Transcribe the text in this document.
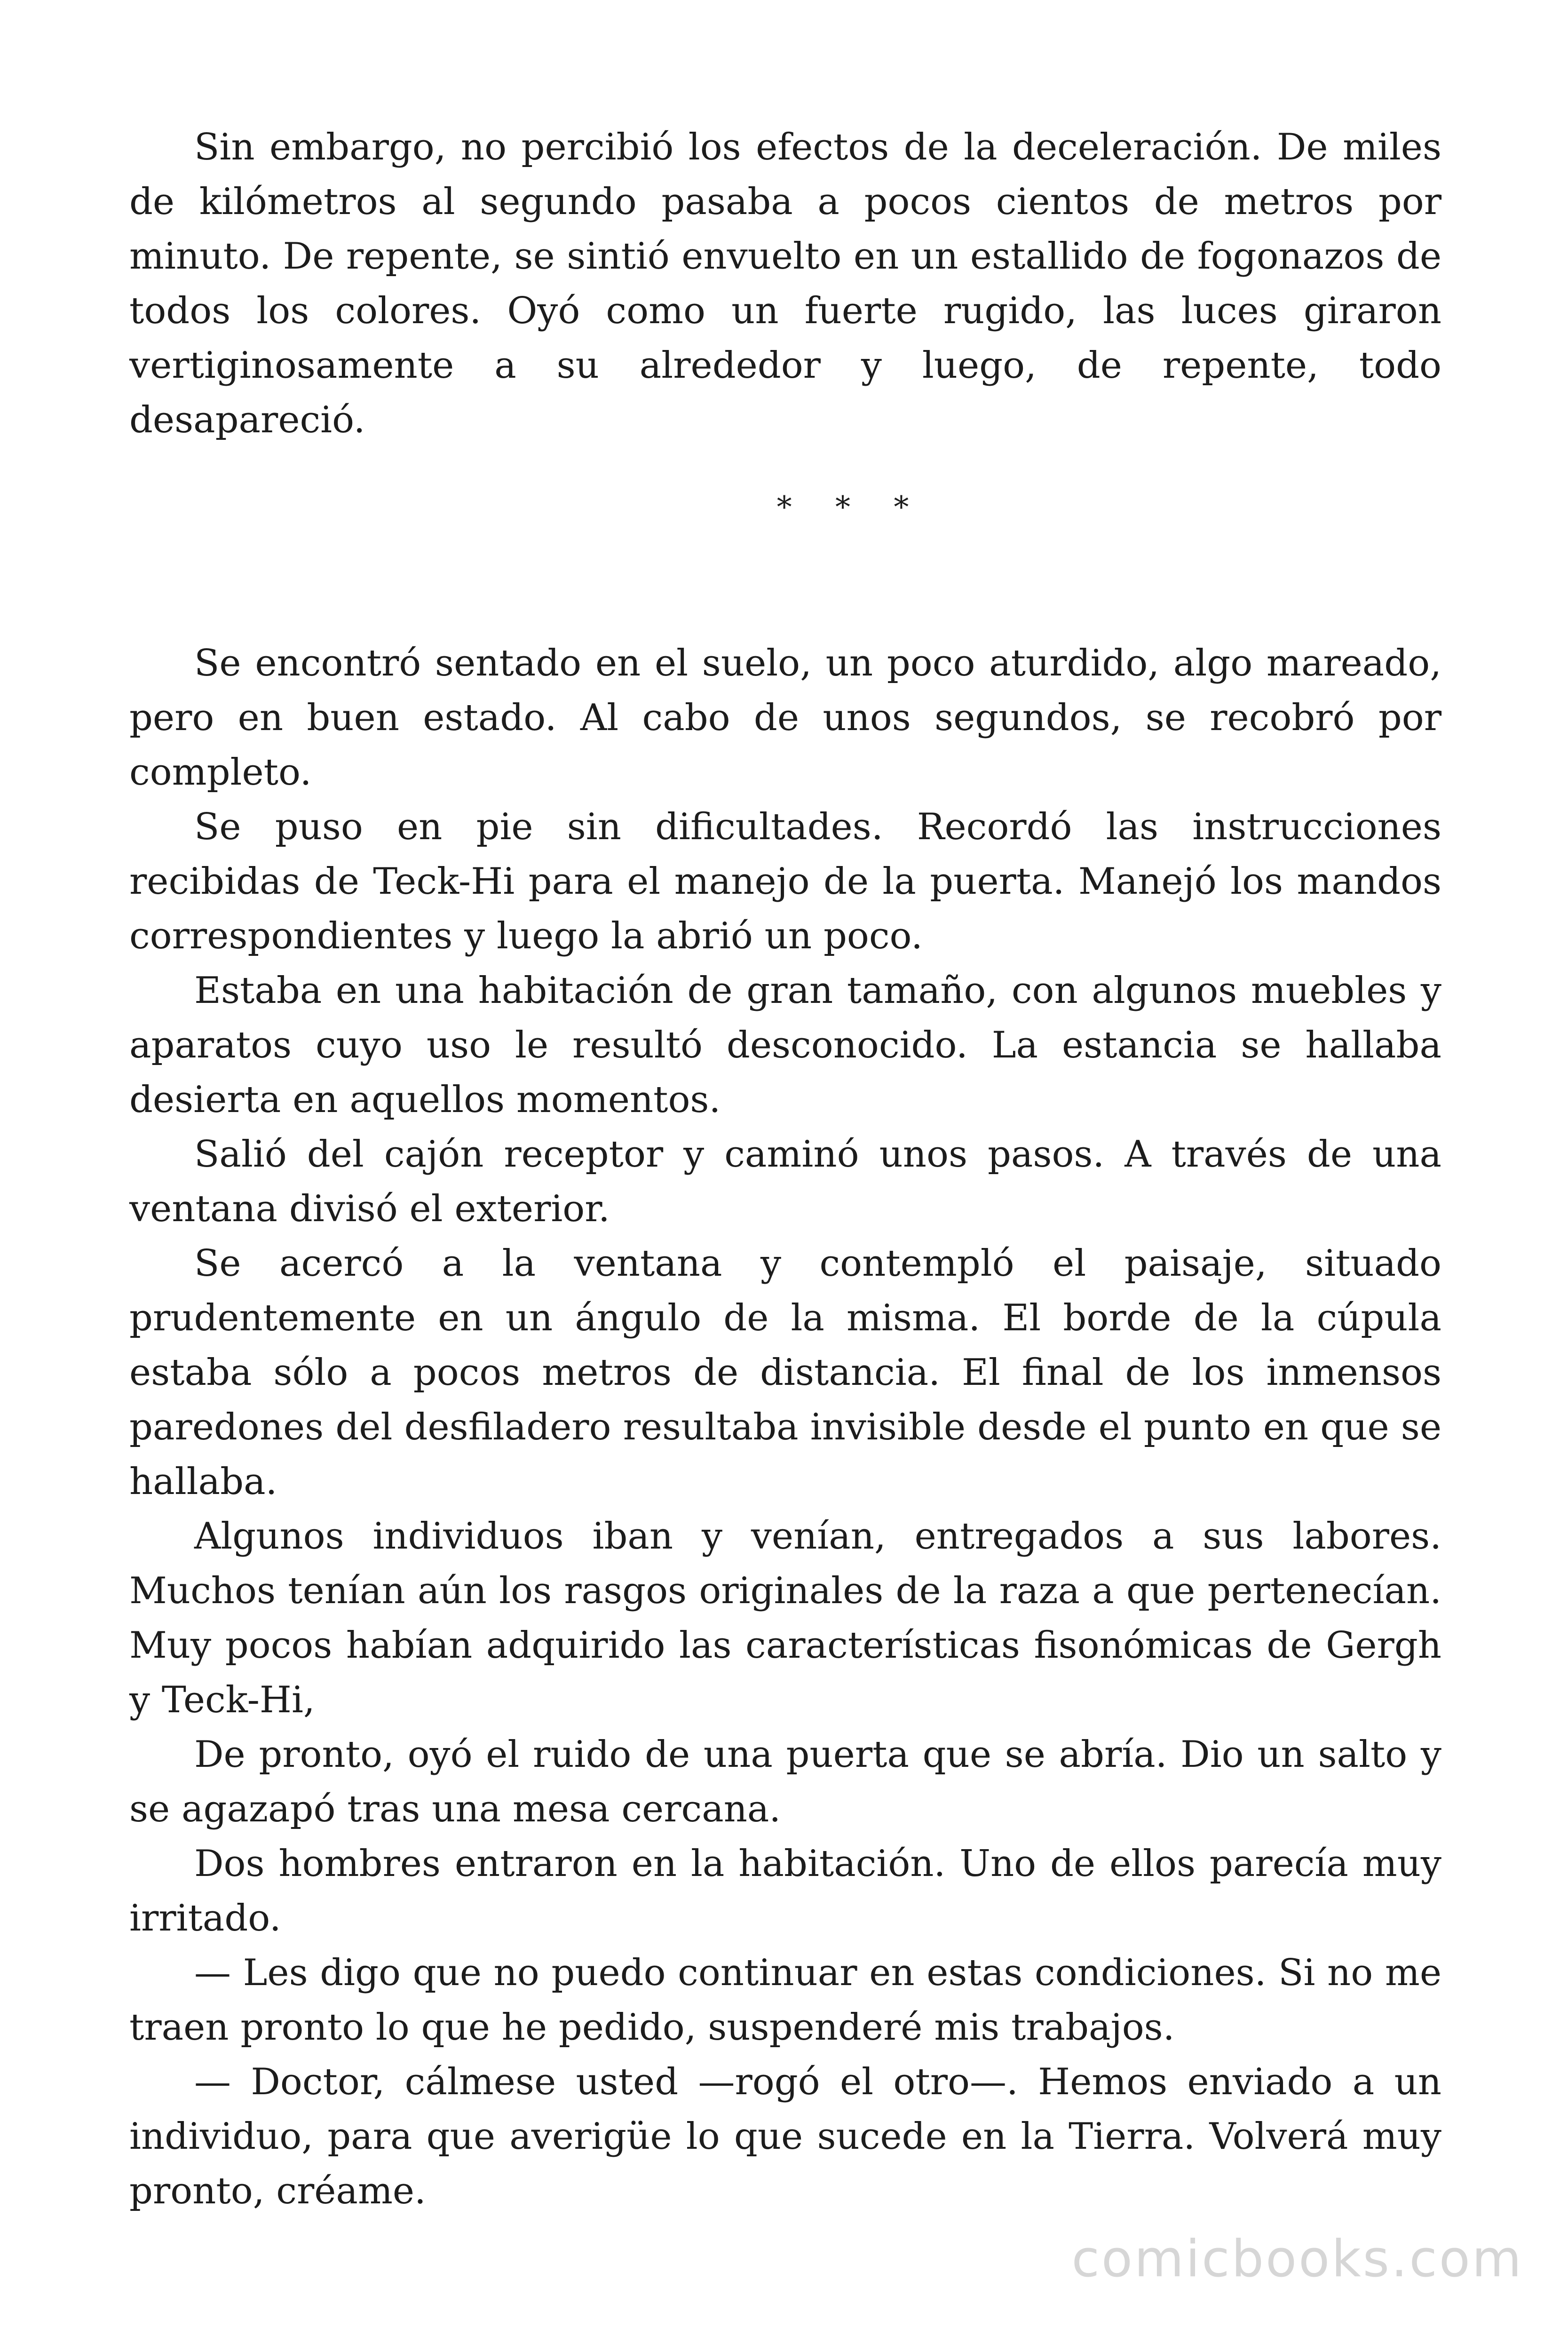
Sin embargo, no percibió los efectos de la deceleración. De miles de kilómetros al segundo pasaba a pocos cientos de metros por minuto. De repente, se sintió envuelto en un estallido de fogonazos de todos los colores. Oyó como un fuerte rugido, las luces giraron vertiginosamente a su alrededor y luego, de repente, todo desapareció.

* * *

Se encontró sentado en el suelo, un poco aturdido, algo mareado, pero en buen estado. Al cabo de unos segundos, se recobró por completo.

Se puso en pie sin dificultades. Recordó las instrucciones recibidas de Teck-Hi para el manejo de la puerta. Manejó los mandos correspondientes y luego la abrió un poco.

Estaba en una habitación de gran tamaño, con algunos muebles y aparatos cuyo uso le resultó desconocido. La estancia se hallaba desierta en aquellos momentos.

Salió del cajón receptor y caminó unos pasos. A través de una ventana divisó el exterior.

Se acercó a la ventana y contempló el paisaje, situado prudentemente en un ángulo de la misma. El borde de la cúpula estaba sólo a pocos metros de distancia. El final de los inmensos paredones del desfiladero resultaba invisible desde el punto en que se hallaba.

Algunos individuos iban y venían, entregados a sus labores. Muchos tenían aún los rasgos originales de la raza a que pertenecían. Muy pocos habían adquirido las características fisonómicas de Gergh y Teck-Hi,

De pronto, oyó el ruido de una puerta que se abría. Dio un salto y se agazapó tras una mesa cercana.

Dos hombres entraron en la habitación. Uno de ellos parecía muy irritado.

— Les digo que no puedo continuar en estas condiciones. Si no me traen pronto lo que he pedido, suspenderé mis trabajos.

— Doctor, cálmese usted —rogó el otro—. Hemos enviado a un individuo, para que averigüe lo que sucede en la Tierra. Volverá muy pronto, créame.

comicbooks.com
